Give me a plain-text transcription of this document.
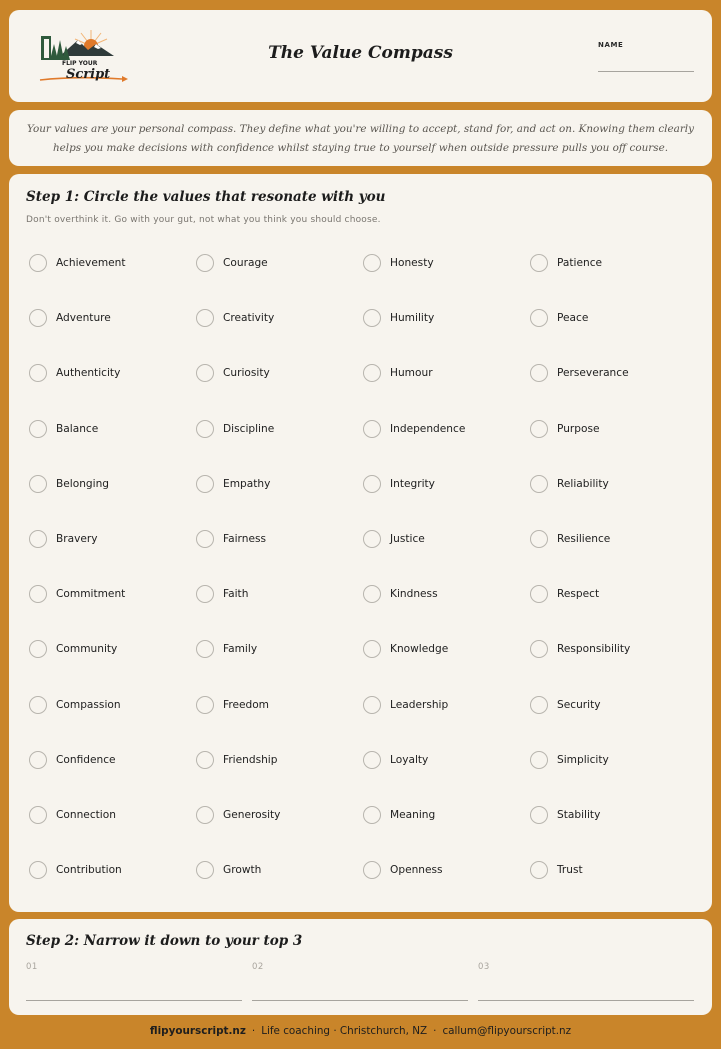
FLIP YOUR
Script
The Value Compass	NAME
Your values are your personal compass. They define what you're willing to accept, stand for, and act on. Knowing them clearly helps you make decisions with confidence whilst staying true to yourself when outside pressure pulls you off course.
Step 1: Circle the values that resonate with you
Don't overthink it. Go with your gut, not what you think you should choose.
Achievement
Adventure
Authenticity
Balance
Belonging
Bravery
Commitment
Community
Compassion
Confidence
Connection
Contribution
Courage
Creativity
Curiosity
Discipline
Empathy
Fairness
Faith
Family
Freedom
Friendship
Generosity
Growth
Honesty
Humility
Humour
Independence
Integrity
Justice
Kindness
Knowledge
Leadership
Loyalty
Meaning
Openness
Patience
Peace
Perseverance
Purpose
Reliability
Resilience
Respect
Responsibility
Security
Simplicity
Stability
Trust
Step 2: Narrow it down to your top 3
01	02	03
flipyourscript.nz · Life coaching · Christchurch, NZ · callum@flipyourscript.nz
